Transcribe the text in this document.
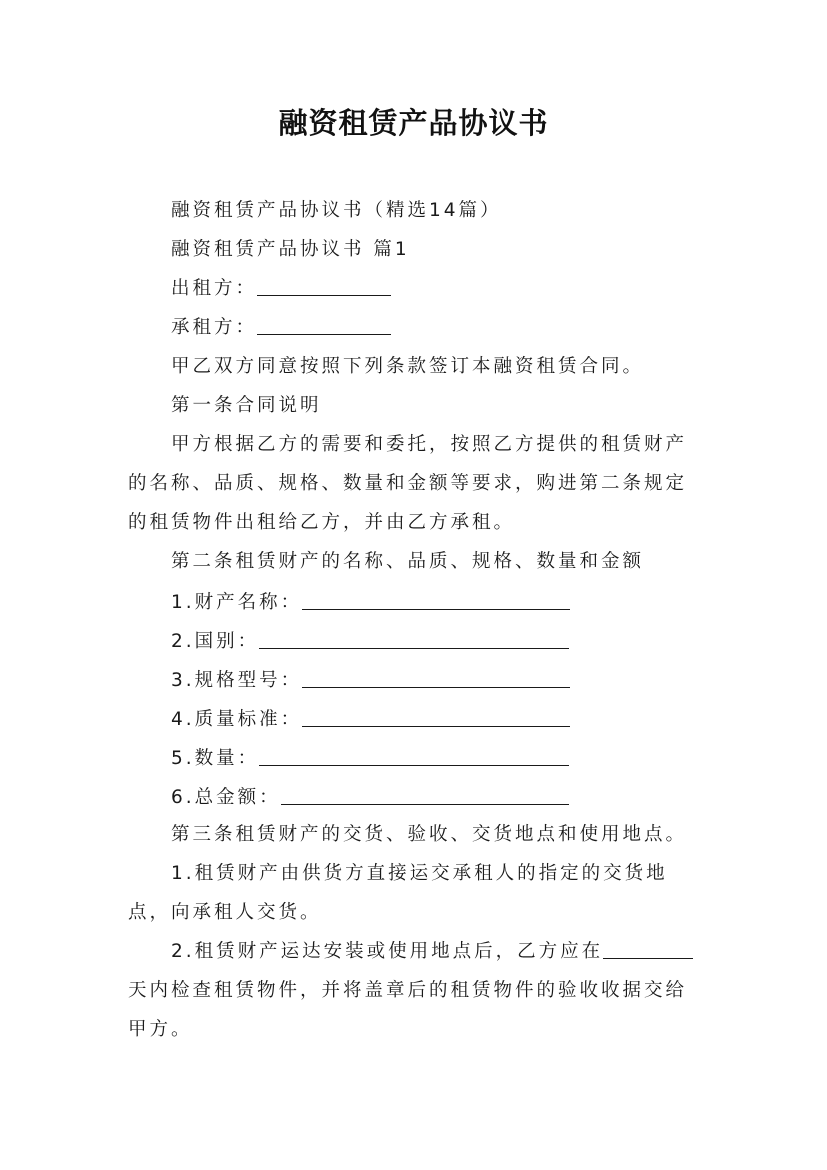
融资租赁产品协议书
融资租赁产品协议书（精选14篇）
融资租赁产品协议书 篇1
出租方：
承租方：
甲乙双方同意按照下列条款签订本融资租赁合同。
第一条合同说明
甲方根据乙方的需要和委托，按照乙方提供的租赁财产
的名称、品质、规格、数量和金额等要求，购进第二条规定
的租赁物件出租给乙方，并由乙方承租。
第二条租赁财产的名称、品质、规格、数量和金额
1.财产名称：
2.国别：
3.规格型号：
4.质量标准：
5.数量：
6.总金额：
第三条租赁财产的交货、验收、交货地点和使用地点。
1.租赁财产由供货方直接运交承租人的指定的交货地
点，向承租人交货。
2.租赁财产运达安装或使用地点后，乙方应在
天内检查租赁物件，并将盖章后的租赁物件的验收收据交给
甲方。
